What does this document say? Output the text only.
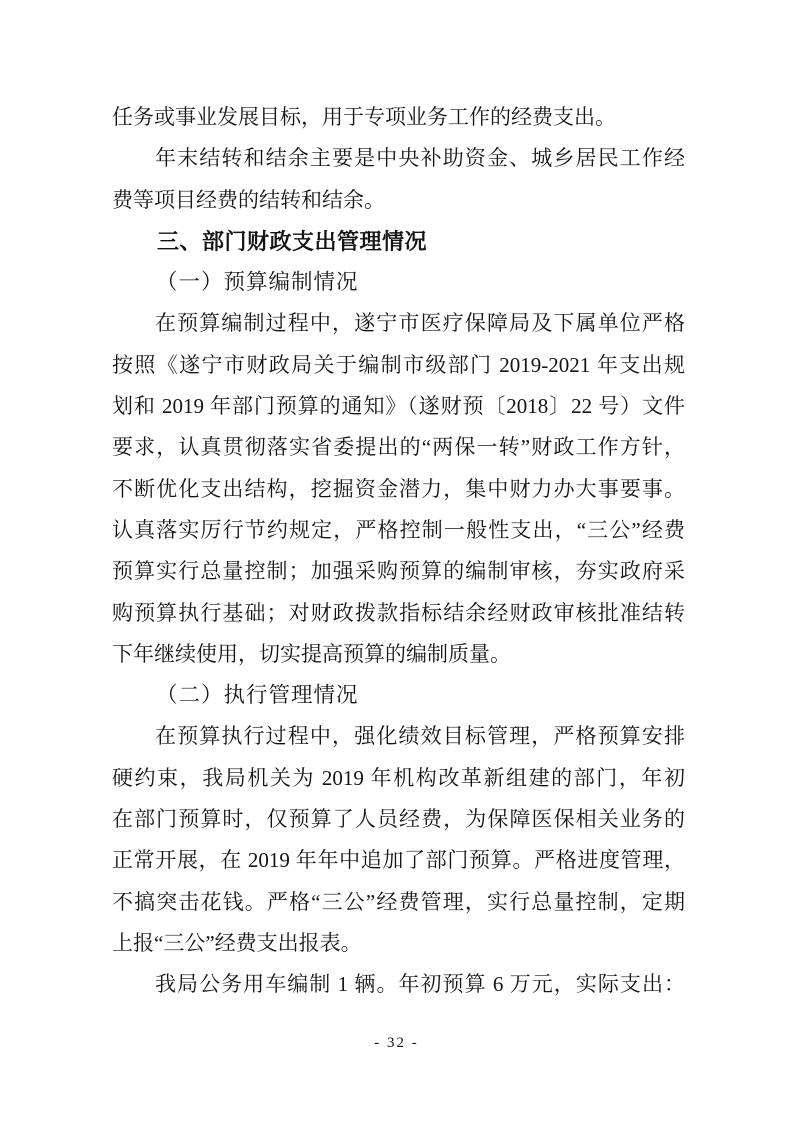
任务或事业发展目标，用于专项业务工作的经费支出。
年末结转和结余主要是中央补助资金、城乡居民工作经
费等项目经费的结转和结余。
三、部门财政支出管理情况
（一）预算编制情况
在预算编制过程中，遂宁市医疗保障局及下属单位严格
按照《遂宁市财政局关于编制市级部门 2019-2021 年支出规
划和 2019 年部门预算的通知》（遂财预〔2018〕22 号）文件
要求，认真贯彻落实省委提出的“两保一转”财政工作方针，
不断优化支出结构，挖掘资金潜力，集中财力办大事要事。
认真落实厉行节约规定，严格控制一般性支出，“三公”经费
预算实行总量控制；加强采购预算的编制审核，夯实政府采
购预算执行基础；对财政拨款指标结余经财政审核批准结转
下年继续使用，切实提高预算的编制质量。
（二）执行管理情况
在预算执行过程中，强化绩效目标管理，严格预算安排
硬约束，我局机关为 2019 年机构改革新组建的部门，年初
在部门预算时，仅预算了人员经费，为保障医保相关业务的
正常开展，在 2019 年年中追加了部门预算。严格进度管理，
不搞突击花钱。严格“三公”经费管理，实行总量控制，定期
上报“三公”经费支出报表。
我局公务用车编制 1 辆。年初预算 6 万元，实际支出：
- 32 -
